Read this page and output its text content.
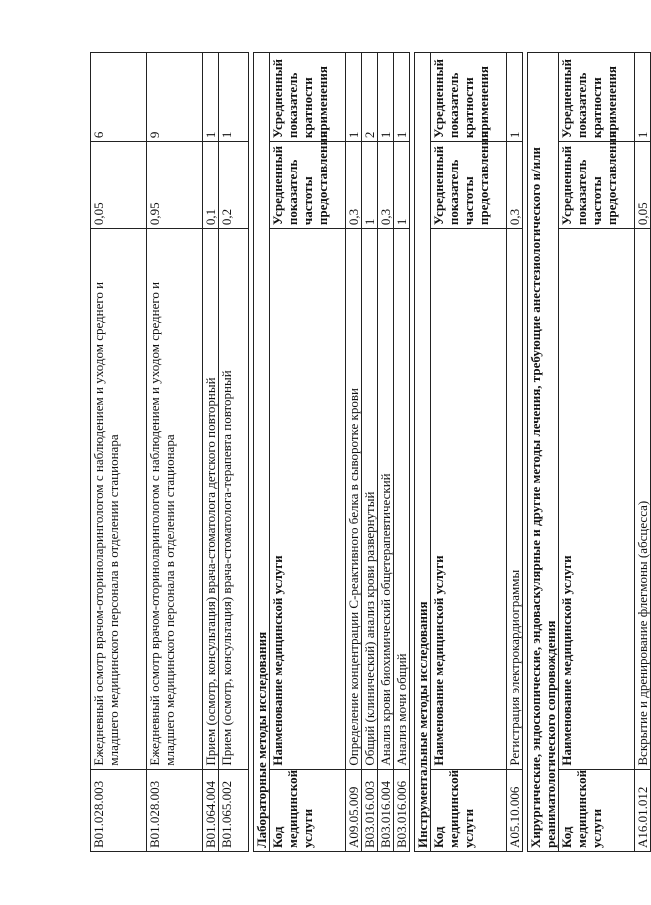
B01.028.003	Ежедневный осмотр врачом-оториноларингологом с наблюдением и уходом среднего и младшего медицинского персонала в отделении стационара	0,05	6
B01.028.003	Ежедневный осмотр врачом-оториноларингологом с наблюдением и уходом среднего и младшего медицинского персонала в отделении стационара	0,95	9
B01.064.004	Прием (осмотр, консультация) врача-стоматолога детского повторный	0,1	1
B01.065.002	Прием (осмотр, консультация) врача-стоматолога-терапевта повторный	0,2	1

Лабораторные методы исследования			
Код медицинской услуги	Наименование медицинской услуги	Усредненный показатель частоты предоставления	Усредненный показатель кратности применения
A09.05.009	Определение концентрации C-реактивного белка в сыворотке крови	0,3	1
B03.016.003	Общий (клинический) анализ крови развернутый	1	2
B03.016.004	Анализ крови биохимический общетерапевтический	0,3	1
B03.016.006	Анализ мочи общий	1	1

Инструментальные методы исследования			
Код медицинской услуги	Наименование медицинской услуги	Усредненный показатель частоты предоставления	Усредненный показатель кратности применения
A05.10.006	Регистрация электрокардиограммы	0,3	1

Хирургические, эндоскопические, эндоваскулярные и другие методы лечения, требующие анестезиологического и/или реаниматологического сопровождения			
Код медицинской услуги	Наименование медицинской услуги	Усредненный показатель частоты предоставления	Усредненный показатель кратности применения
A16.01.012	Вскрытие и дренирование флегмоны (абсцесса)	0,05	1
